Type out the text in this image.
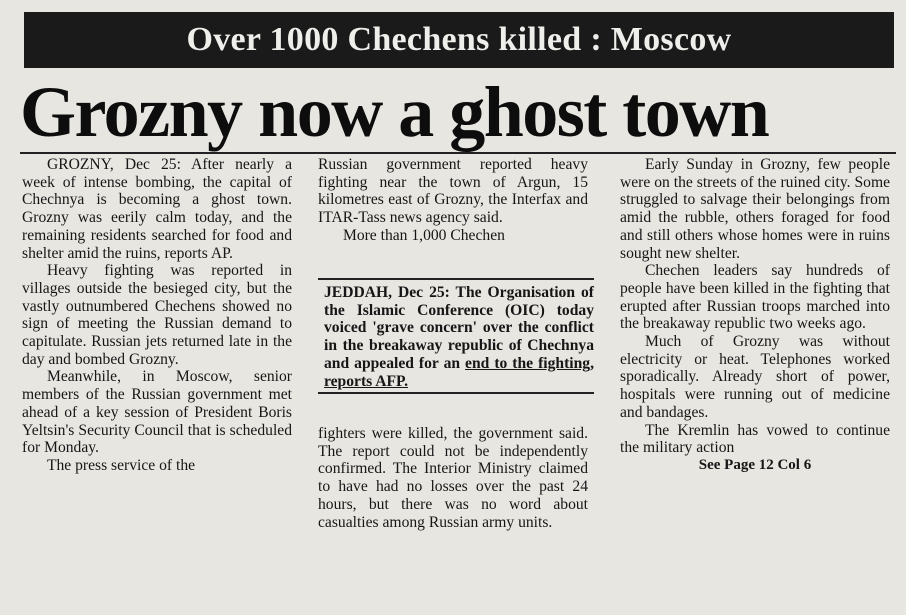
Over 1000 Chechens killed : Moscow
Grozny now a ghost town

GROZNY, Dec 25: After nearly a week of intense bombing, the capital of Chechnya is becoming a ghost town. Grozny was eerily calm today, and the remaining residents searched for food and shelter amid the ruins, reports AP.

Heavy fighting was reported in villages outside the besieged city, but the vastly outnumbered Chechens showed no sign of meeting the Russian demand to capitulate. Russian jets returned late in the day and bombed Grozny.

Meanwhile, in Moscow, senior members of the Russian government met ahead of a key session of President Boris Yeltsin's Security Council that is scheduled for Monday.

The press service of the

Russian government reported heavy fighting near the town of Argun, 15 kilometres east of Grozny, the Interfax and ITAR-Tass news agency said.

More than 1,000 Chechen

JEDDAH, Dec 25: The Organisation of the Islamic Conference (OIC) today voiced 'grave concern' over the conflict in the breakaway republic of Chechnya and appealed for an end to the fighting, reports AFP.

fighters were killed, the government said. The report could not be independently confirmed. The Interior Ministry claimed to have had no losses over the past 24 hours, but there was no word about casualties among Russian army units.

Early Sunday in Grozny, few people were on the streets of the ruined city. Some struggled to salvage their belongings from amid the rubble, others foraged for food and still others whose homes were in ruins sought new shelter.

Chechen leaders say hundreds of people have been killed in the fighting that erupted after Russian troops marched into the breakaway republic two weeks ago.

Much of Grozny was without electricity or heat. Telephones worked sporadically. Already short of power, hospitals were running out of medicine and bandages.

The Kremlin has vowed to continue the military action

See Page 12 Col 6
